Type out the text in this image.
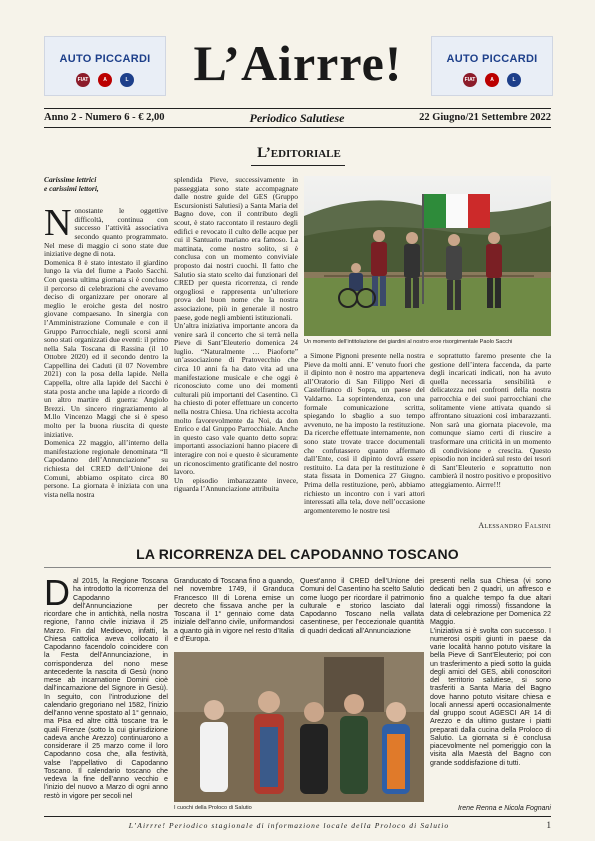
AUTO PICCARDI
FIAT	A	L
AUTO PICCARDI
FIAT	A	L
L’Airrre!
Anno 2 - Numero 6 - € 2,00	Periodico Salutiese	22 Giugno/21 Settembre 2022
L’editoriale

Carissime lettrici
e carissimi lettori,

N onostante le oggettive difficoltà, continua con successo l’attività associativa secondo quanto programmato. Nel mese di maggio ci sono state due iniziative degne di nota.
Domenica 8 è stato intestato il giardino lungo la via del fiume a Paolo Sacchi. Con questa ultima giornata si è concluso il percorso di celebrazioni che avevamo deciso di organizzare per onorare al meglio le eroiche gesta del nostro giovane compaesano. In sinergia con l’Amministrazione Comunale e con il Gruppo Parrocchiale, negli scorsi anni sono stati organizzati due eventi: il primo nella Sala Toscana di Rassina (il 10 Ottobre 2020) ed il secondo dentro la Cappellina dei Caduti (il 07 Novembre 2021) con la posa della lapide. Nella Cappella, oltre alla lapide del Sacchi è stata posta anche una lapide a ricordo di un altro martire di guerra: Angiolo Brezzi. Un sincero ringraziamento al M.llo Vincenzo Maggi che si è speso molto per la buona riuscita di queste iniziative.
Domenica 22 maggio, all’interno della manifestazione regionale denominata “Il Capodanno dell’Annunciazione” su richiesta del CRED dell’Unione dei Comuni, abbiamo ospitato circa 80 persone. La giornata è iniziata con una vista nella nostra

splendida Pieve, successivamente in passeggiata sono state accompagnate dalle nostre guide del GES (Gruppo Escursionisti Salutiesi) a Santa Maria del Bagno dove, con il contributo degli scout, è stato raccontato il restauro degli edifici e revocato il culto delle acque per cui il Santuario mariano era famoso. La mattinata, come nostro solito, si è conclusa con un momento conviviale proposto dai nostri cuochi. Il fatto che Salutio sia stato scelto dai funzionari del CRED per questa ricorrenza, ci rende orgogliosi e rappresenta un’ulteriore prova del buon nome che la nostra associazione, più in generale il nostro paese, gode negli ambienti istituzionali.
Un’altra iniziativa importante ancora da venire sarà il concerto che si terrà nella Pieve di Sant’Eleuterio domenica 24 luglio. “Naturalmente … Piaoforte” un’associazione di Pratovecchio che circa 10 anni fa ha dato vita ad una manifestazione musicale e che oggi è riconosciuto come uno dei momenti culturali più importanti del Casentino. Ci ha chiesto di poter effettuare un concerto nella nostra Chiesa. Una richiesta accolta molto favorevolmente da Noi, da don Enrico e dal Gruppo Parrocchiale. Anche in questo caso vale quanto detto sopra: importanti associazioni hanno piacere di interagire con noi e questo è sicuramente un riconoscimento gratificante del nostro lavoro.
Un episodio imbarazzante invece, riguarda l’Annunciazione attribuita

Un momento dell’intitolazione dei giardini al nostro eroe risorgimentale Paolo Sacchi

a Simone Pignoni presente nella nostra Pieve da molti anni. E’ venuto fuori che il dipinto non è nostro ma apparteneva all’Oratorio di San Filippo Neri di Castelfranco di Sopra, un paese del Valdarno. La soprintendenza, con una formale comunicazione scritta, spiegando lo sbaglio a suo tempo avvenuto, ne ha imposto la restituzione. Da ricerche effettuate internamente, non sono state trovate tracce documentali che confutassero quanto affermato dall’Ente, così il dipinto dovrà essere restituito. La data per la restituzione è stata fissata in Domenica 27 Giugno. Prima della restituzione, però, abbiamo richiesto un incontro con i vari attori interessati alla tela, dove nell’occasione argomenteremo le nostre tesi

e soprattutto faremo presente che la gestione dell’intera faccenda, da parte degli incaricati indicati, non ha avuto quella necessaria sensibilità e delicatezza nei confronti della nostra parrocchia e dei suoi parrocchiani che solitamente viene attivata quando si affrontano situazioni così imbarazzanti. Non sarà una giornata piacevole, ma comunque siamo certi di riuscire a trasformare una criticità in un momento di condivisione e crescita. Questo episodio non inciderà sul resto dei tesori di Sant’Eleuterio e soprattutto non cambierà il nostro positivo e propositivo atteggiamento. Airrre!!!

Alessandro Falsini
LA RICORRENZA DEL CAPODANNO TOSCANO
D al 2015, la Regione Toscana ha introdotto la ricorrenza del Capodanno dell’Annunciazione per ricordare che in antichità, nella nostra regione, l’anno civile iniziava il 25 Marzo. Fin dal Medioevo, infatti, la Chiesa cattolica aveva collocato il Capodanno facendolo coincidere con la Festa dell’Annunciazione, in corrispondenza del nono mese antecedente la nascita di Gesù (nono mese ab incarnatione Domini cioè dall’incarnazione del Signore in Gesù). In seguito, con l’introduzione del calendario gregoriano nel 1582, l’inizio dell’anno venne spostato al 1° gennaio, ma Pisa ed altre città toscane tra le quali Firenze (sotto la cui giurisdizione cadeva anche Arezzo) continuarono a considerare il 25 marzo come il loro Capodanno cosa che, alla festività, valse l’appellativo di Capodanno Toscano. Il calendario toscano che vedeva la fine dell’anno vecchio e l’inizio del nuovo a Marzo di ogni anno restò in vigore per secoli nel

Granducato di Toscana fino a quando, nel novembre 1749, il Granduca Francesco III di Lorena emise un decreto che fissava anche per la Toscana il 1° gennaio come data iniziale dell’anno civile, uniformandosi a quanto già in vigore nel resto d’Italia e d’Europa.

Quest’anno il CRED dell’Unione dei Comuni del Casentino ha scelto Salutio come luogo per ricordare il patrimonio culturale e storico lasciato dal Capodanno Toscano nella vallata casentinese, per l’eccezionale quantità di quadri dedicati all’Annunciazione

I cuochi della Proloco di Salutio

presenti nella sua Chiesa (vi sono dedicati ben 2 quadri, un affresco e fino a qualche tempo fa due altari laterali oggi rimossi) fissandone la data di celebrazione per Domenica 22 Maggio.
L’iniziativa si è svolta con successo. I numerosi ospiti giunti in paese da varie località hanno potuto visitare la bella Pieve di Sant’Eleuterio; poi con un trasferimento a piedi sotto la guida degli amici del GES, abili conoscitori del territorio salutiese, si sono trasferiti a Santa Maria del Bagno dove hanno potuto visitare chiesa e locali annessi aperti occasionalmente dal gruppo scout AGESCI AR 14 di Arezzo e da ultimo gustare i piatti preparati dalla cucina della Proloco di Salutio. La giornata si è conclusa piacevolmente nel pomeriggio con la visita alla Maestà del Bagno con grande soddisfazione di tutti.

Irene Renna e Nicola Fognani
L’Airrre! Periodico stagionale di informazione locale della Proloco di Salutio	1
